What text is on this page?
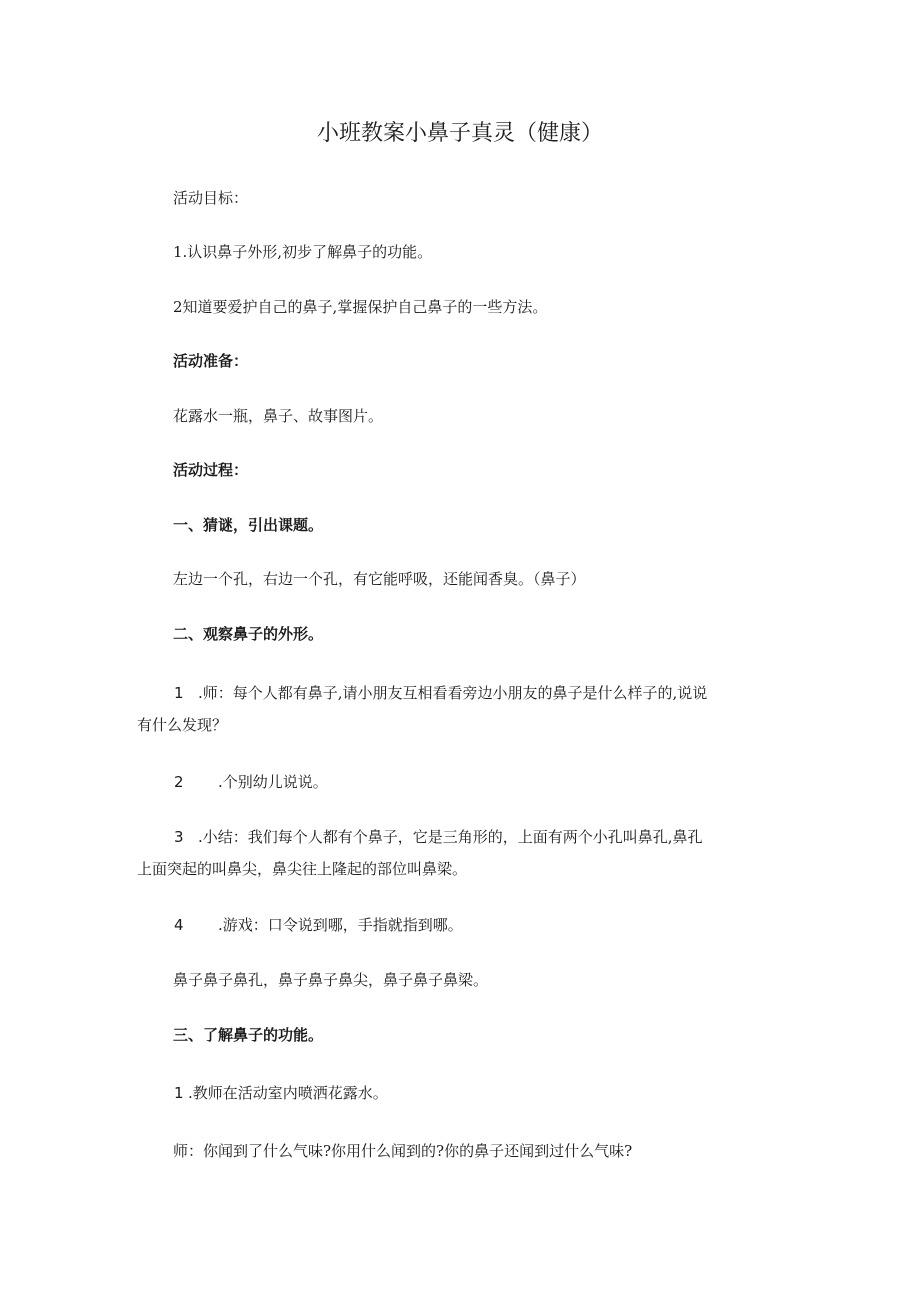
小班教案小鼻子真灵（健康）
活动目标：
1.认识鼻子外形,初步了解鼻子的功能。
2知道要爱护自己的鼻子,掌握保护自己鼻子的一些方法。
活动准备：
花露水一瓶，鼻子、故事图片。
活动过程：
一、猜谜，引出课题。
左边一个孔，右边一个孔，有它能呼吸，还能闻香臭。（鼻子）
二、观察鼻子的外形。
1 .师：每个人都有鼻子,请小朋友互相看看旁边小朋友的鼻子是什么样子的,说说
有什么发现？
2 .个别幼儿说说。
3 .小结：我们每个人都有个鼻子，它是三角形的，上面有两个小孔叫鼻孔,鼻孔
上面突起的叫鼻尖，鼻尖往上隆起的部位叫鼻梁。
4 .游戏：口令说到哪，手指就指到哪。
鼻子鼻子鼻孔，鼻子鼻子鼻尖，鼻子鼻子鼻梁。
三、了解鼻子的功能。
1 .教师在活动室内喷洒花露水。
师：你闻到了什么气味?你用什么闻到的?你的鼻子还闻到过什么气味?
